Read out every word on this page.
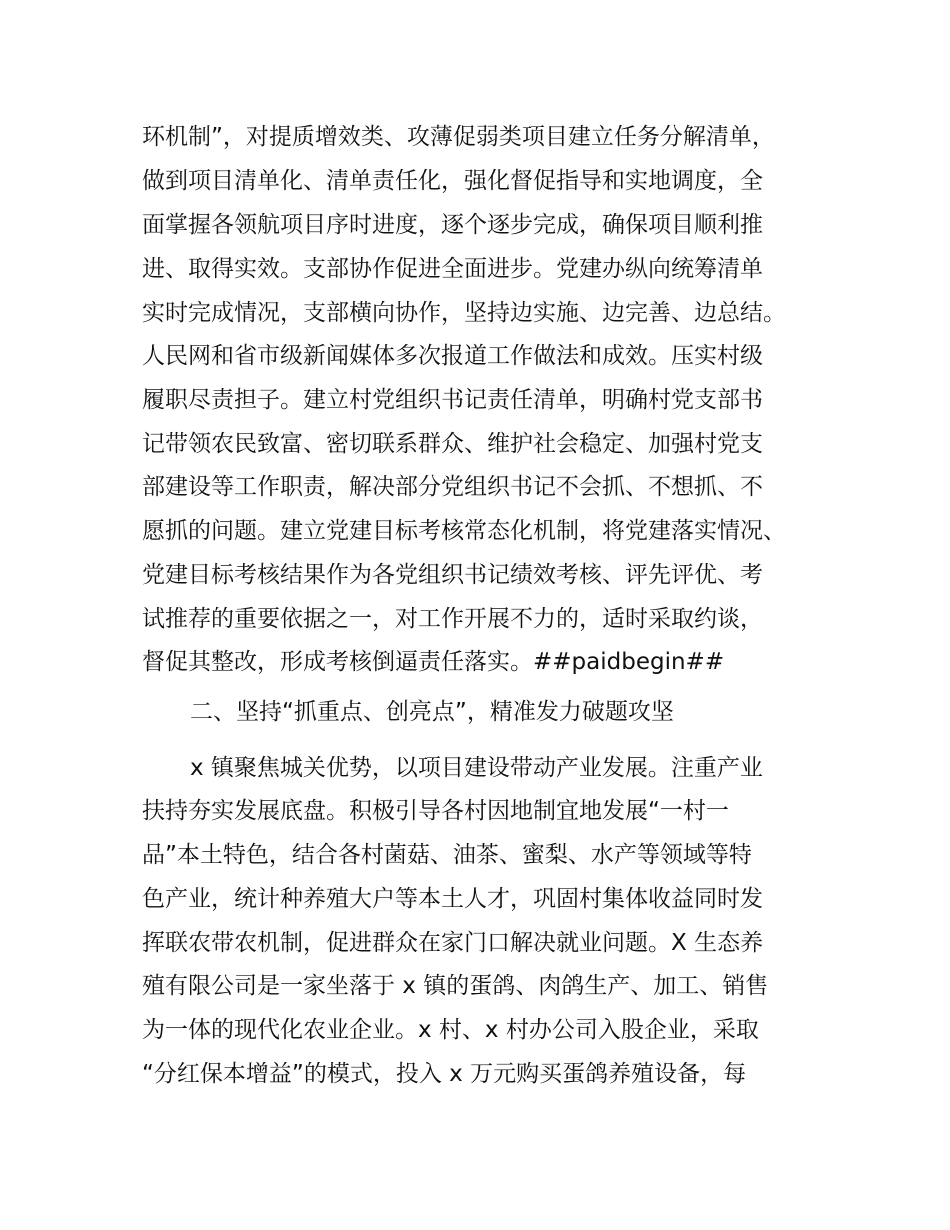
环机制”，对提质增效类、攻薄促弱类项目建立任务分解清单，
做到项目清单化、清单责任化，强化督促指导和实地调度，全
面掌握各领航项目序时进度，逐个逐步完成，确保项目顺利推
进、取得实效。支部协作促进全面进步。党建办纵向统筹清单
实时完成情况，支部横向协作，坚持边实施、边完善、边总结。
人民网和省市级新闻媒体多次报道工作做法和成效。压实村级
履职尽责担子。建立村党组织书记责任清单，明确村党支部书
记带领农民致富、密切联系群众、维护社会稳定、加强村党支
部建设等工作职责，解决部分党组织书记不会抓、不想抓、不
愿抓的问题。建立党建目标考核常态化机制，将党建落实情况、
党建目标考核结果作为各党组织书记绩效考核、评先评优、考
试推荐的重要依据之一，对工作开展不力的，适时采取约谈，
督促其整改，形成考核倒逼责任落实。##paidbegin##
二、坚持“抓重点、创亮点”，精准发力破题攻坚
x 镇聚焦城关优势，以项目建设带动产业发展。注重产业
扶持夯实发展底盘。积极引导各村因地制宜地发展“一村一
品”本土特色，结合各村菌菇、油茶、蜜梨、水产等领域等特
色产业，统计种养殖大户等本土人才，巩固村集体收益同时发
挥联农带农机制，促进群众在家门口解决就业问题。X 生态养
殖有限公司是一家坐落于 x 镇的蛋鸽、肉鸽生产、加工、销售
为一体的现代化农业企业。x 村、x 村办公司入股企业，采取
“分红保本增益”的模式，投入 x 万元购买蛋鸽养殖设备，每
